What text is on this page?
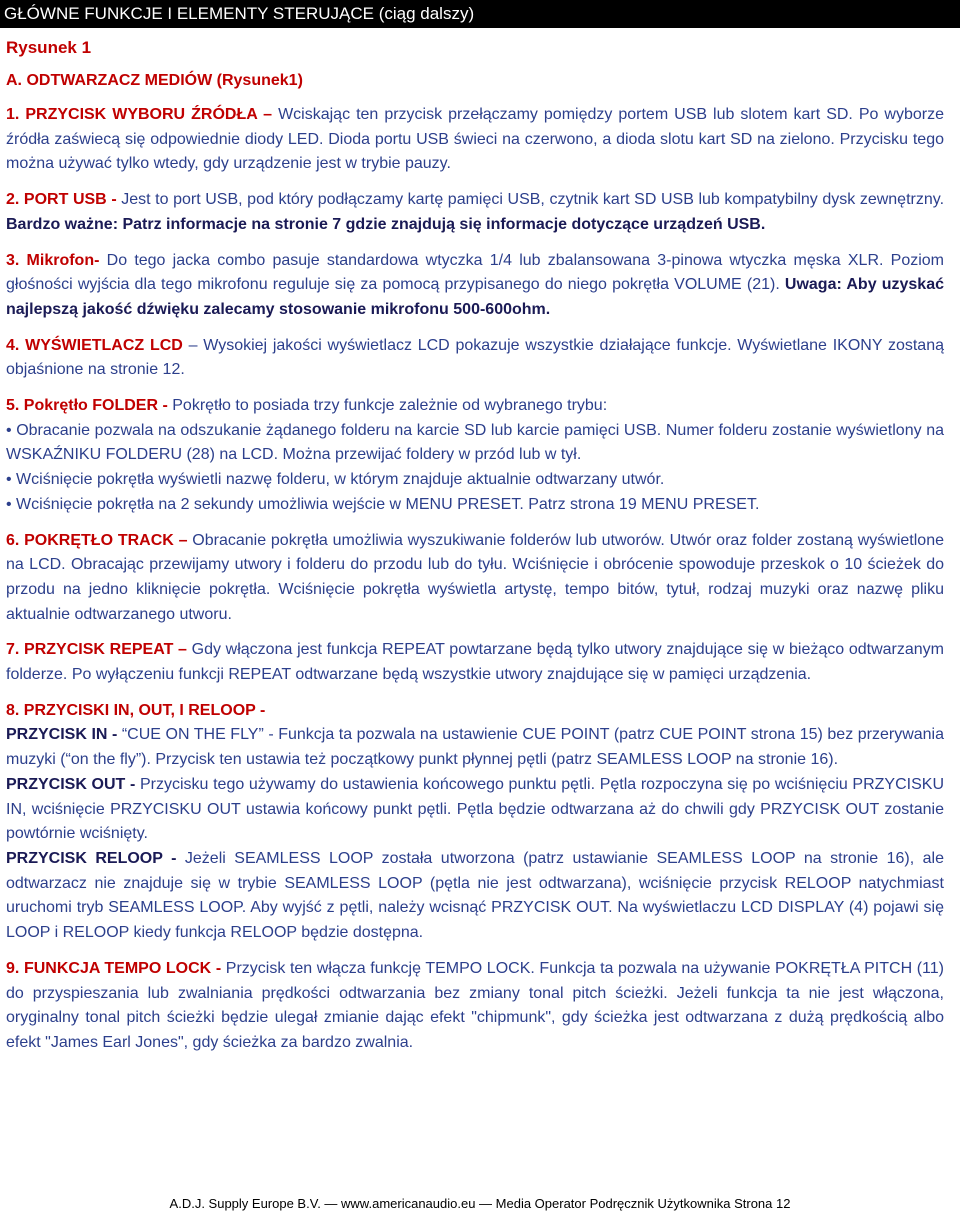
GŁÓWNE FUNKCJE I ELEMENTY STERUJĄCE (ciąg dalszy)
Rysunek 1
A. ODTWARZACZ MEDIÓW (Rysunek1)

1. PRZYCISK WYBORU ŹRÓDŁA – Wciskając ten przycisk przełączamy pomiędzy portem USB lub slotem kart SD. Po wyborze źródła zaświecą się odpowiednie diody LED. Dioda portu USB świeci na czerwono, a dioda slotu kart SD na zielono. Przycisku tego można używać tylko wtedy, gdy urządzenie jest w trybie pauzy.

2. PORT USB - Jest to port USB, pod który podłączamy kartę pamięci USB, czytnik kart SD USB lub kompatybilny dysk zewnętrzny. Bardzo ważne: Patrz informacje na stronie 7 gdzie znajdują się informacje dotyczące urządzeń USB.

3. Mikrofon- Do tego jacka combo pasuje standardowa wtyczka 1/4 lub zbalansowana 3-pinowa wtyczka męska XLR. Poziom głośności wyjścia dla tego mikrofonu reguluje się za pomocą przypisanego do niego pokrętła VOLUME (21). Uwaga: Aby uzyskać najlepszą jakość dźwięku zalecamy stosowanie mikrofonu 500-600ohm.

4. WYŚWIETLACZ LCD – Wysokiej jakości wyświetlacz LCD pokazuje wszystkie działające funkcje. Wyświetlane IKONY zostaną objaśnione na stronie 12.

5. Pokrętło FOLDER - Pokrętło to posiada trzy funkcje zależnie od wybranego trybu:

• Obracanie pozwala na odszukanie żądanego folderu na karcie SD lub karcie pamięci USB. Numer folderu zostanie wyświetlony na WSKAŹNIKU FOLDERU (28) na LCD. Można przewijać foldery w przód lub w tył.

• Wciśnięcie pokrętła wyświetli nazwę folderu, w którym znajduje aktualnie odtwarzany utwór.

• Wciśnięcie pokrętła na 2 sekundy umożliwia wejście w MENU PRESET. Patrz strona 19 MENU PRESET.

6. POKRĘTŁO TRACK – Obracanie pokrętła umożliwia wyszukiwanie folderów lub utworów. Utwór oraz folder zostaną wyświetlone na LCD. Obracając przewijamy utwory i folderu do przodu lub do tyłu. Wciśnięcie i obrócenie spowoduje przeskok o 10 ścieżek do przodu na jedno kliknięcie pokrętła. Wciśnięcie pokrętła wyświetla artystę, tempo bitów, tytuł, rodzaj muzyki oraz nazwę pliku aktualnie odtwarzanego utworu.

7. PRZYCISK REPEAT – Gdy włączona jest funkcja REPEAT powtarzane będą tylko utwory znajdujące się w bieżąco odtwarzanym folderze. Po wyłączeniu funkcji REPEAT odtwarzane będą wszystkie utwory znajdujące się w pamięci urządzenia.

8. PRZYCISKI IN, OUT, I RELOOP -

PRZYCISK IN - “CUE ON THE FLY” - Funkcja ta pozwala na ustawienie CUE POINT (patrz CUE POINT strona 15) bez przerywania muzyki (“on the fly”). Przycisk ten ustawia też początkowy punkt płynnej pętli (patrz SEAMLESS LOOP na stronie 16).

PRZYCISK OUT - Przycisku tego używamy do ustawienia końcowego punktu pętli. Pętla rozpoczyna się po wciśnięciu PRZYCISKU IN, wciśnięcie PRZYCISKU OUT ustawia końcowy punkt pętli. Pętla będzie odtwarzana aż do chwili gdy PRZYCISK OUT zostanie powtórnie wciśnięty.

PRZYCISK RELOOP - Jeżeli SEAMLESS LOOP została utworzona (patrz ustawianie SEAMLESS LOOP na stronie 16), ale odtwarzacz nie znajduje się w trybie SEAMLESS LOOP (pętla nie jest odtwarzana), wciśnięcie przycisk RELOOP natychmiast uruchomi tryb SEAMLESS LOOP. Aby wyjść z pętli, należy wcisnąć PRZYCISK OUT. Na wyświetlaczu LCD DISPLAY (4) pojawi się LOOP i RELOOP kiedy funkcja RELOOP będzie dostępna.

9. FUNKCJA TEMPO LOCK - Przycisk ten włącza funkcję TEMPO LOCK. Funkcja ta pozwala na używanie POKRĘTŁA PITCH (11) do przyspieszania lub zwalniania prędkości odtwarzania bez zmiany tonal pitch ścieżki. Jeżeli funkcja ta nie jest włączona, oryginalny tonal pitch ścieżki będzie ulegał zmianie dając efekt "chipmunk", gdy ścieżka jest odtwarzana z dużą prędkością albo efekt "James Earl Jones", gdy ścieżka za bardzo zwalnia.

A.D.J. Supply Europe B.V. — www.americanaudio.eu — Media Operator Podręcznik Użytkownika Strona 12
